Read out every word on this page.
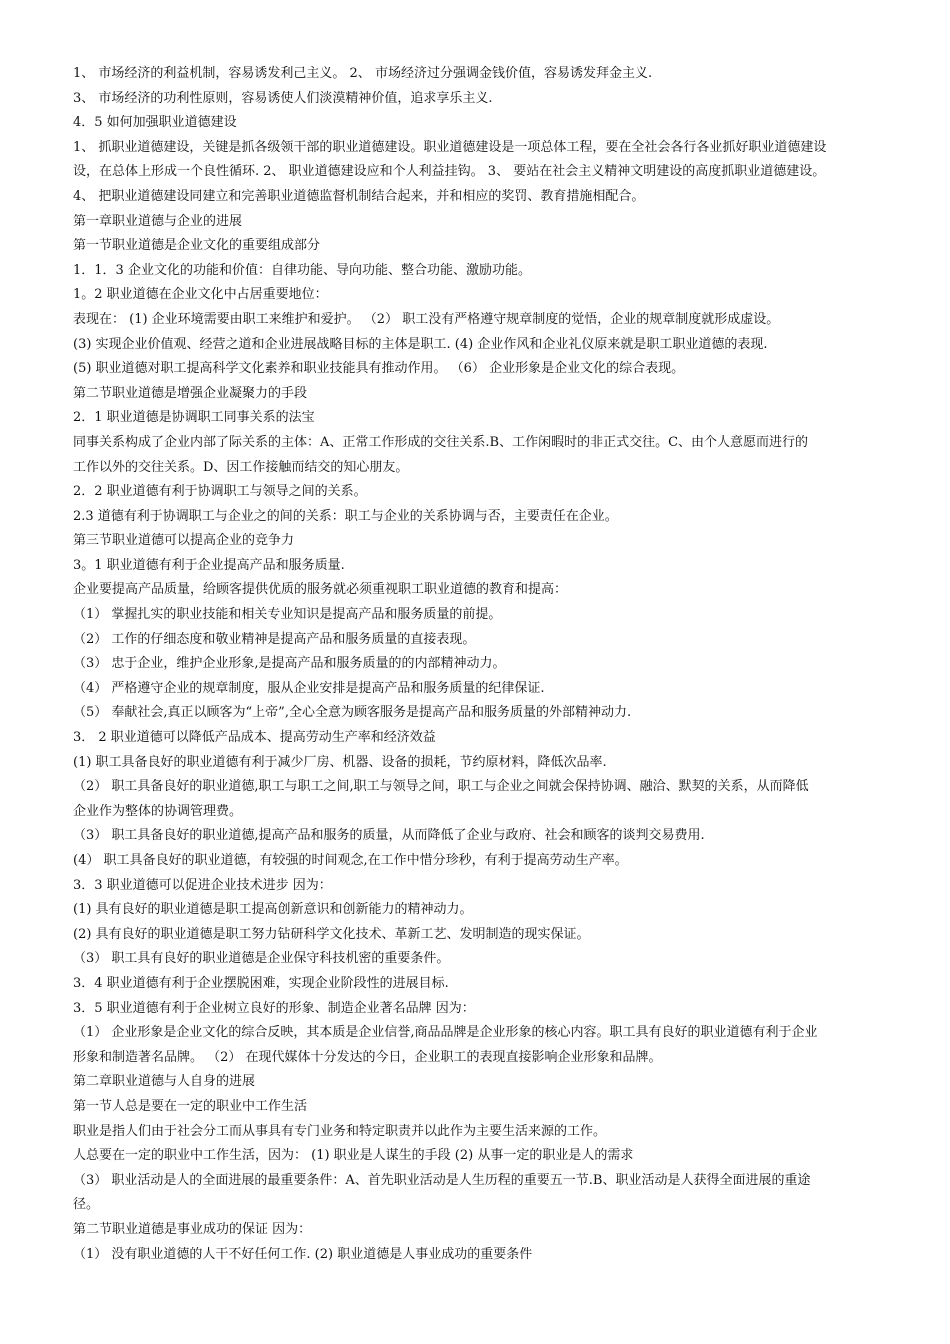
1、 市场经济的利益机制，容易诱发利己主义。 2、 市场经济过分强调金钱价值，容易诱发拜金主义.
3、 市场经济的功利性原则，容易诱使人们淡漠精神价值，追求享乐主义.
4．5 如何加强职业道德建设
1、 抓职业道德建设，关键是抓各级领干部的职业道德建设。职业道德建设是一项总体工程，要在全社会各行各业抓好职业道德建设
设，在总体上形成一个良性循环. 2、 职业道德建设应和个人利益挂钩。 3、 要站在社会主义精神文明建设的高度抓职业道德建设。
4、 把职业道德建设同建立和完善职业道德监督机制结合起来，并和相应的奖罚、教育措施相配合。
第一章职业道德与企业的进展
第一节职业道德是企业文化的重要组成部分
1．1．3 企业文化的功能和价值：自律功能、导向功能、整合功能、激励功能。
1。2 职业道德在企业文化中占居重要地位：
表现在： (1) 企业环境需要由职工来维护和爱护。 （2） 职工没有严格遵守规章制度的觉悟，企业的规章制度就形成虚设。
(3) 实现企业价值观、经营之道和企业进展战略目标的主体是职工. (4) 企业作风和企业礼仪原来就是职工职业道德的表现.
(5) 职业道德对职工提高科学文化素养和职业技能具有推动作用。 （6） 企业形象是企业文化的综合表现。
第二节职业道德是增强企业凝聚力的手段
2．1 职业道德是协调职工同事关系的法宝
同事关系构成了企业内部了际关系的主体：A、正常工作形成的交往关系.B、工作闲暇时的非正式交往。C、由个人意愿而进行的
工作以外的交往关系。D、因工作接触而结交的知心朋友。
2．2 职业道德有利于协调职工与领导之间的关系。
2.3 道德有利于协调职工与企业之的间的关系：职工与企业的关系协调与否，主要责任在企业。
第三节职业道德可以提高企业的竞争力
3。1 职业道德有利于企业提高产品和服务质量.
企业要提高产品质量，给顾客提供优质的服务就必须重视职工职业道德的教育和提高：
（1） 掌握扎实的职业技能和相关专业知识是提高产品和服务质量的前提。
（2） 工作的仔细态度和敬业精神是提高产品和服务质量的直接表现。
（3） 忠于企业，维护企业形象,是提高产品和服务质量的的内部精神动力。
（4） 严格遵守企业的规章制度，服从企业安排是提高产品和服务质量的纪律保证.
（5） 奉献社会,真正以顾客为“上帝”,全心全意为顾客服务是提高产品和服务质量的外部精神动力.
3． 2 职业道德可以降低产品成本、提高劳动生产率和经济效益
(1) 职工具备良好的职业道德有利于减少厂房、机器、设备的损耗，节约原材料，降低次品率.
（2） 职工具备良好的职业道德,职工与职工之间,职工与领导之间，职工与企业之间就会保持协调、融洽、默契的关系，从而降低
企业作为整体的协调管理费。
（3） 职工具备良好的职业道德,提高产品和服务的质量，从而降低了企业与政府、社会和顾客的谈判交易费用.
(4） 职工具备良好的职业道德，有较强的时间观念,在工作中惜分珍秒，有利于提高劳动生产率。
3．3 职业道德可以促进企业技术进步 因为：
(1) 具有良好的职业道德是职工提高创新意识和创新能力的精神动力。
(2) 具有良好的职业道德是职工努力钻研科学文化技术、革新工艺、发明制造的现实保证。
（3） 职工具有良好的职业道德是企业保守科技机密的重要条件。
3．4 职业道德有利于企业摆脱困难，实现企业阶段性的进展目标.
3．5 职业道德有利于企业树立良好的形象、制造企业著名品牌 因为：
（1） 企业形象是企业文化的综合反映，其本质是企业信誉,商品品牌是企业形象的核心内容。职工具有良好的职业道德有利于企业
形象和制造著名品牌。 （2） 在现代媒体十分发达的今日，企业职工的表现直接影响企业形象和品牌。
第二章职业道德与人自身的进展
第一节人总是要在一定的职业中工作生活
职业是指人们由于社会分工而从事具有专门业务和特定职责并以此作为主要生活来源的工作。
人总要在一定的职业中工作生活，因为： (1) 职业是人谋生的手段 (2) 从事一定的职业是人的需求
（3） 职业活动是人的全面进展的最重要条件：A、首先职业活动是人生历程的重要五一节.B、职业活动是人获得全面进展的重途
径。
第二节职业道德是事业成功的保证 因为：
（1） 没有职业道德的人干不好任何工作. (2) 职业道德是人事业成功的重要条件
